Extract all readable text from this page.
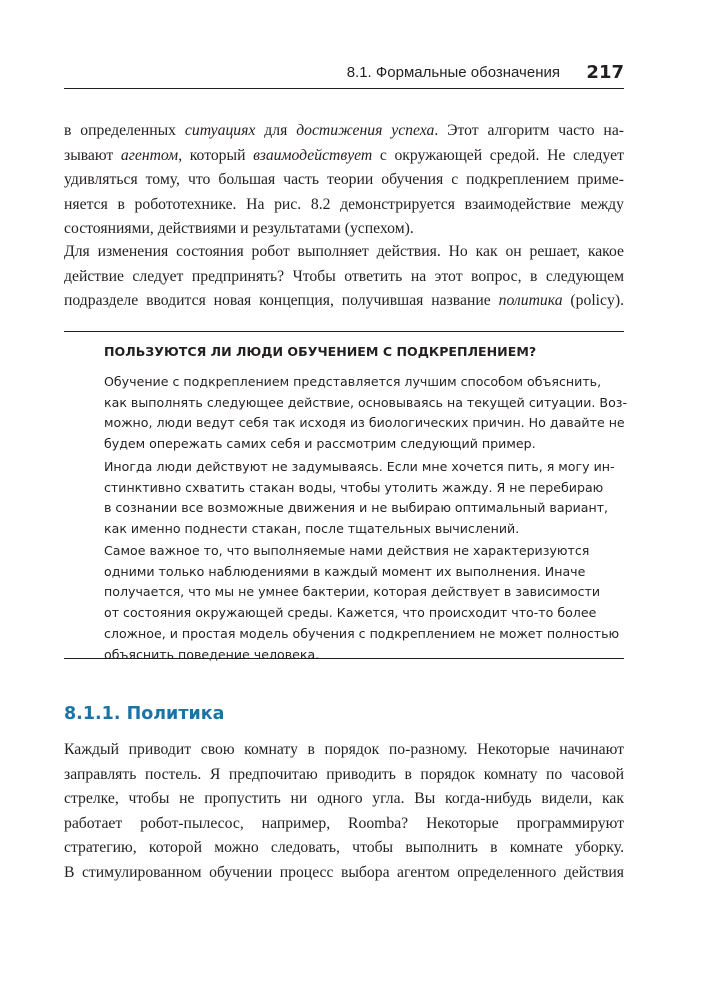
8.1. Формальные обозначения 217
в определенных ситуациях для достижения успеха. Этот алгоритм часто на-
зывают агентом, который взаимодействует с окружающей средой. Не следует
удивляться тому, что большая часть теории обучения с подкреплением приме-
няется в робототехнике. На рис. 8.2 демонстрируется взаимодействие между
состояниями, действиями и результатами (успехом).
Для изменения состояния робот выполняет действия. Но как он решает, какое
действие следует предпринять? Чтобы ответить на этот вопрос, в следующем
подразделе вводится новая концепция, получившая название политика (policy).
ПОЛЬЗУЮТСЯ ЛИ ЛЮДИ ОБУЧЕНИЕМ С ПОДКРЕПЛЕНИЕМ?
Обучение с подкреплением представляется лучшим способом объяснить,
как выполнять следующее действие, основываясь на текущей ситуации. Воз-
можно, люди ведут себя так исходя из биологических причин. Но давайте не
будем опережать самих себя и рассмотрим следующий пример.
Иногда люди действуют не задумываясь. Если мне хочется пить, я могу ин-
стинктивно схватить стакан воды, чтобы утолить жажду. Я не перебираю
в сознании все возможные движения и не выбираю оптимальный вариант,
как именно поднести стакан, после тщательных вычислений.
Самое важное то, что выполняемые нами действия не характеризуются
одними только наблюдениями в каждый момент их выполнения. Иначе
получается, что мы не умнее бактерии, которая действует в зависимости
от состояния окружающей среды. Кажется, что происходит что-то более
сложное, и простая модель обучения с подкреплением не может полностью
объяснить поведение человека.
8.1.1. Политика
Каждый приводит свою комнату в порядок по-разному. Некоторые начинают
заправлять постель. Я предпочитаю приводить в порядок комнату по часовой
стрелке, чтобы не пропустить ни одного угла. Вы когда-нибудь видели, как
работает робот-пылесос, например, Roomba? Некоторые программируют
стратегию, которой можно следовать, чтобы выполнить в комнате уборку.
В стимулированном обучении процесс выбора агентом определенного действия
